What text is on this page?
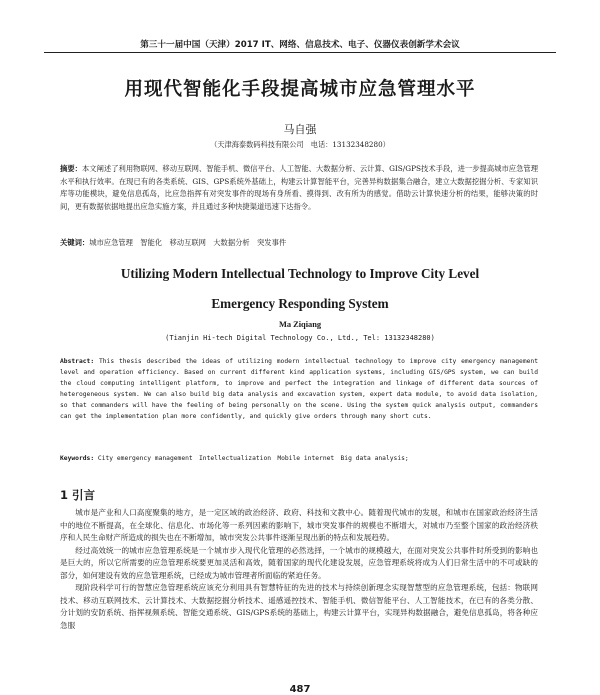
第三十一届中国（天津）2017 IT、网络、信息技术、电子、仪器仪表创新学术会议
用现代智能化手段提高城市应急管理水平
马自强
（天津海泰数码科技有限公司　电话：13132348280）
摘要：本文阐述了利用物联网、移动互联网、智能手机、微信平台、人工智能、大数据分析、云计算、GIS/GPS技术手段，进一步提高城市应急管理水平和执行效率。在现已有的各类系统、GIS、GPS系统外基础上，构建云计算智能平台，完善异构数据集合融合，建立大数据挖掘分析、专家知识库等功能模块，避免信息孤岛，比应急指挥有对突发事件的现场有身所看、摸得到、改有所为的感觉。借助云计算快速分析的结果，能够决策的时间，更有数据依据地提出应急实施方案，并且通过多种快捷渠道迅速下达指令。
关键词：城市应急管理　智能化　移动互联网　大数据分析　突发事件
Utilizing Modern Intellectual Technology to Improve City Level
Emergency Responding System
Ma Ziqiang
(Tianjin Hi-tech Digital Technology Co., Ltd., Tel: 13132348280)
Abstract: This thesis described the ideas of utilizing modern intellectual technology to improve city emergency management level and operation efficiency. Based on current different kind application systems, including GIS/GPS system, we can build the cloud computing intelligent platform, to improve and perfect the integration and linkage of different data sources of heterogeneous system. We can also build big data analysis and excavation system, expert data module, to avoid data isolation, so that commanders will have the feeling of being personally on the scene. Using the system quick analysis output, commanders can get the implementation plan more confidently, and quickly give orders through many short cuts.
Keywords: City emergency management　Intellectualization　Mobile internet　Big data analysis;
1 引言

城市是产业和人口高度聚集的地方，是一定区域的政治经济、政府、科技和文教中心。随着现代城市的发展，和城市在国家政治经济生活中的地位不断提高，在全球化、信息化、市场化等一系列因素的影响下，城市突发事件的规模也不断增大，对城市乃至整个国家的政治经济秩序和人民生命财产所造成的损失也在不断增加，城市突发公共事件逐渐呈现出新的特点和发展趋势。

经过高效统一的城市应急管理系统是一个城市步入现代化管理的必然选择，一个城市的规模越大，在面对突发公共事件时所受到的影响也是巨大的，所以它所需要的应急管理系统要更加灵活和高效，随着国家的现代化建设发展，应急管理系统将成为人们日常生活中的不可或缺的部分，如何建设有效的应急管理系统，已经成为城市管理者所面临的紧迫任务。

现阶段科学可行的智慧应急管理系统应该充分利用具有智慧特征的先进的技术与持续创新理念实现智慧型的应急管理系统，包括：物联网技术、移动互联网技术、云计算技术、大数据挖掘分析技术、遥感遥控技术、智能手机、微信智能平台、人工智能技术，在已有的各类分散、分计划的安防系统、指挥视频系统、智能交通系统、GIS/GPS系统的基础上，构建云计算平台，实现异构数据融合，避免信息孤岛，将各种应急服

487
